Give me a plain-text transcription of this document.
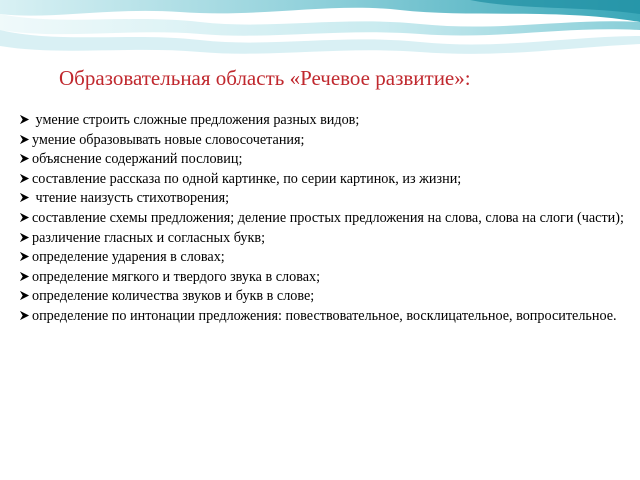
Образовательная область «Речевое развитие»:
умение строить сложные предложения разных видов;
умение образовывать новые словосочетания;
объяснение содержаний пословиц;
составление рассказа по одной картинке, по серии картинок, из жизни;
чтение наизусть стихотворения;
составление схемы предложения; деление простых предложения на слова, слова на слоги (части);
различение гласных и согласных букв;
определение ударения в словах;
определение мягкого и твердого звука в словах;
определение количества звуков и букв в слове;
определение по интонации предложения: повествовательное, восклицательное, вопросительное.
